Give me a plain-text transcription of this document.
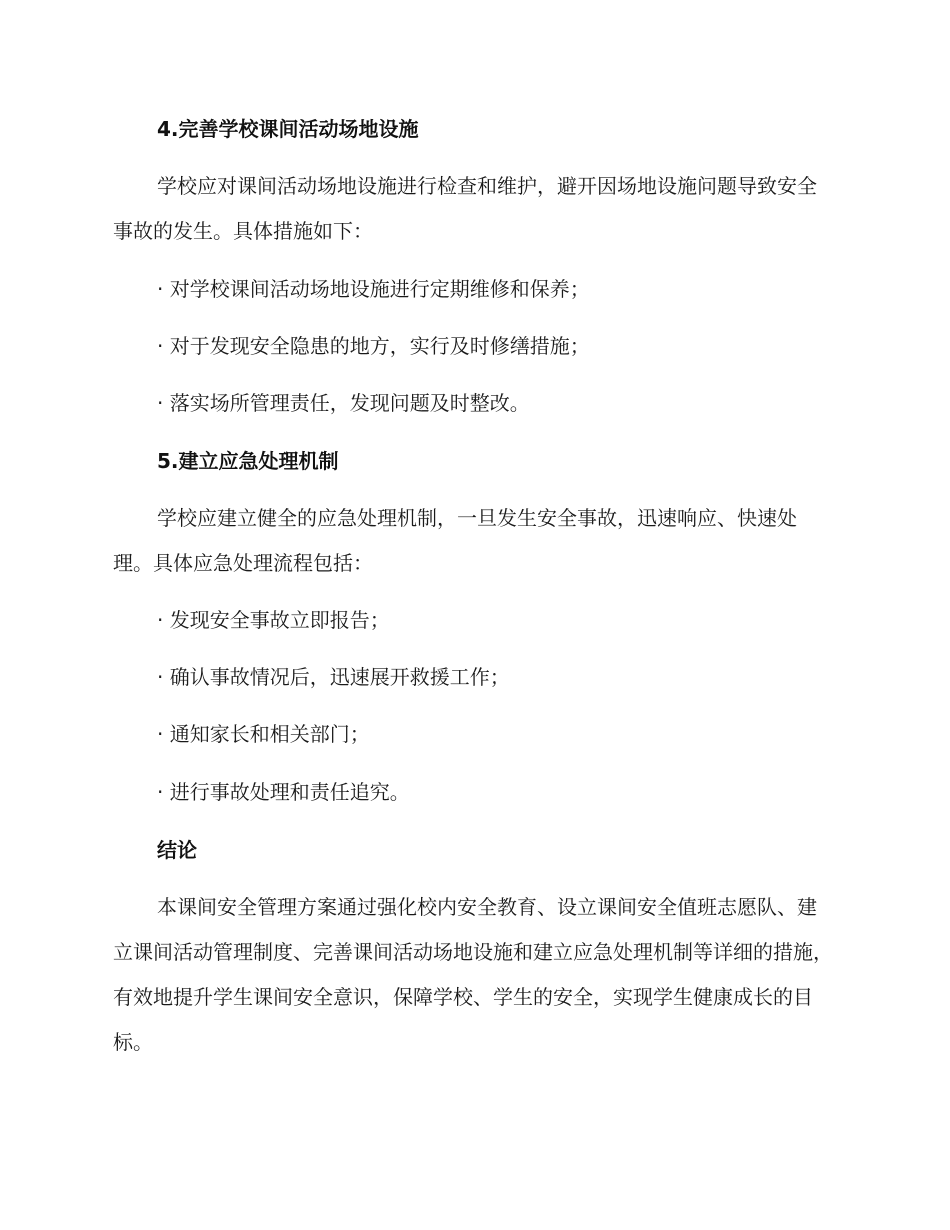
4.完善学校课间活动场地设施
学校应对课间活动场地设施进行检查和维护，避开因场地设施问题导致安全事故的发生。具体措施如下：
· 对学校课间活动场地设施进行定期维修和保养；
· 对于发现安全隐患的地方，实行及时修缮措施；
· 落实场所管理责任，发现问题及时整改。
5.建立应急处理机制
学校应建立健全的应急处理机制，一旦发生安全事故，迅速响应、快速处理。具体应急处理流程包括：
· 发现安全事故立即报告；
· 确认事故情况后，迅速展开救援工作；
· 通知家长和相关部门；
· 进行事故处理和责任追究。
结论
本课间安全管理方案通过强化校内安全教育、设立课间安全值班志愿队、建立课间活动管理制度、完善课间活动场地设施和建立应急处理机制等详细的措施，有效地提升学生课间安全意识，保障学校、学生的安全，实现学生健康成长的目标。
